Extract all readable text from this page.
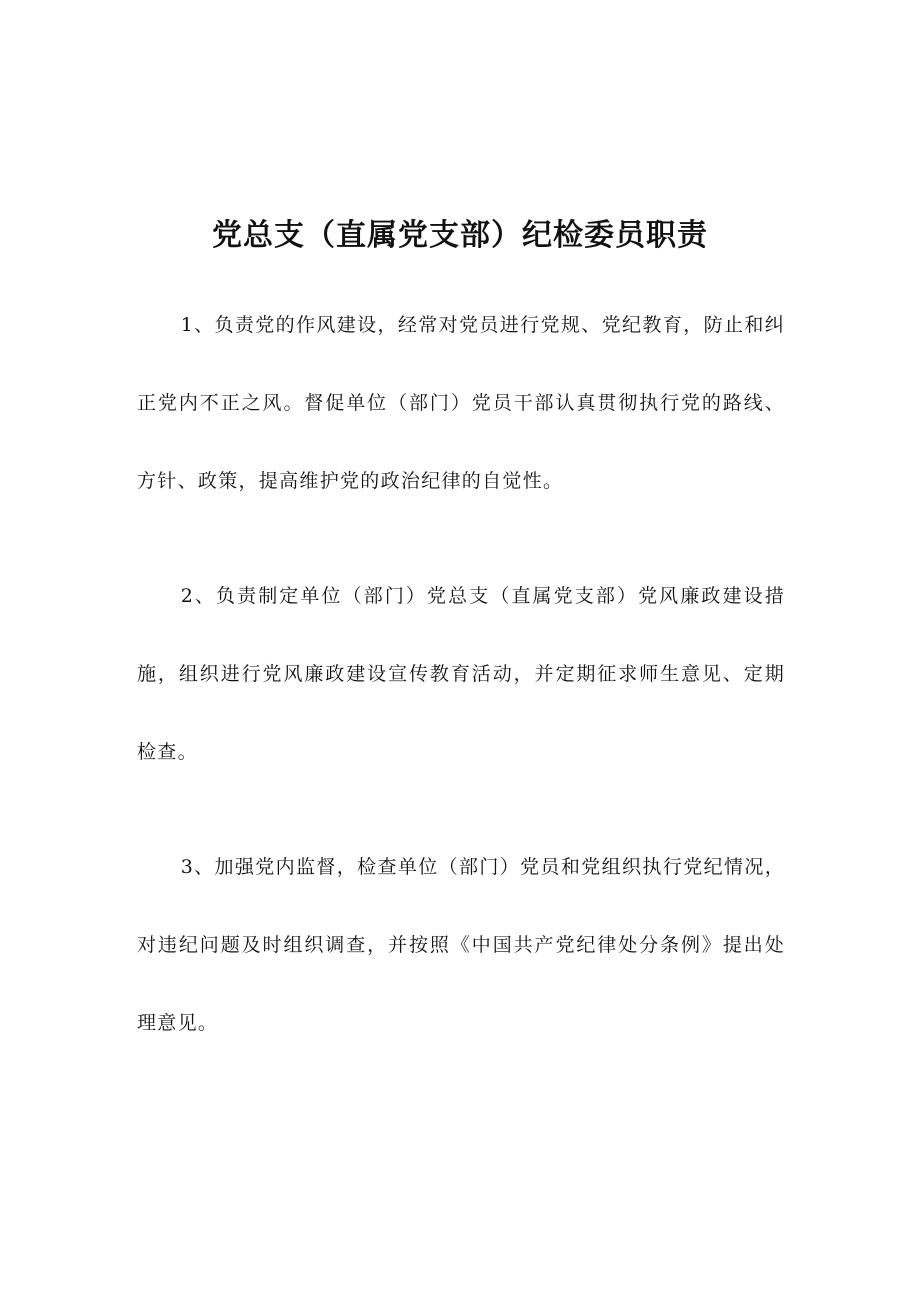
党总支（直属党支部）纪检委员职责

1、负责党的作风建设，经常对党员进行党规、党纪教育，防止和纠正党内不正之风。督促单位（部门）党员干部认真贯彻执行党的路线、方针、政策，提高维护党的政治纪律的自觉性。

2、负责制定单位（部门）党总支（直属党支部）党风廉政建设措施，组织进行党风廉政建设宣传教育活动，并定期征求师生意见、定期检查。

3、加强党内监督，检查单位（部门）党员和党组织执行党纪情况，对违纪问题及时组织调查，并按照《中国共产党纪律处分条例》提出处理意见。
